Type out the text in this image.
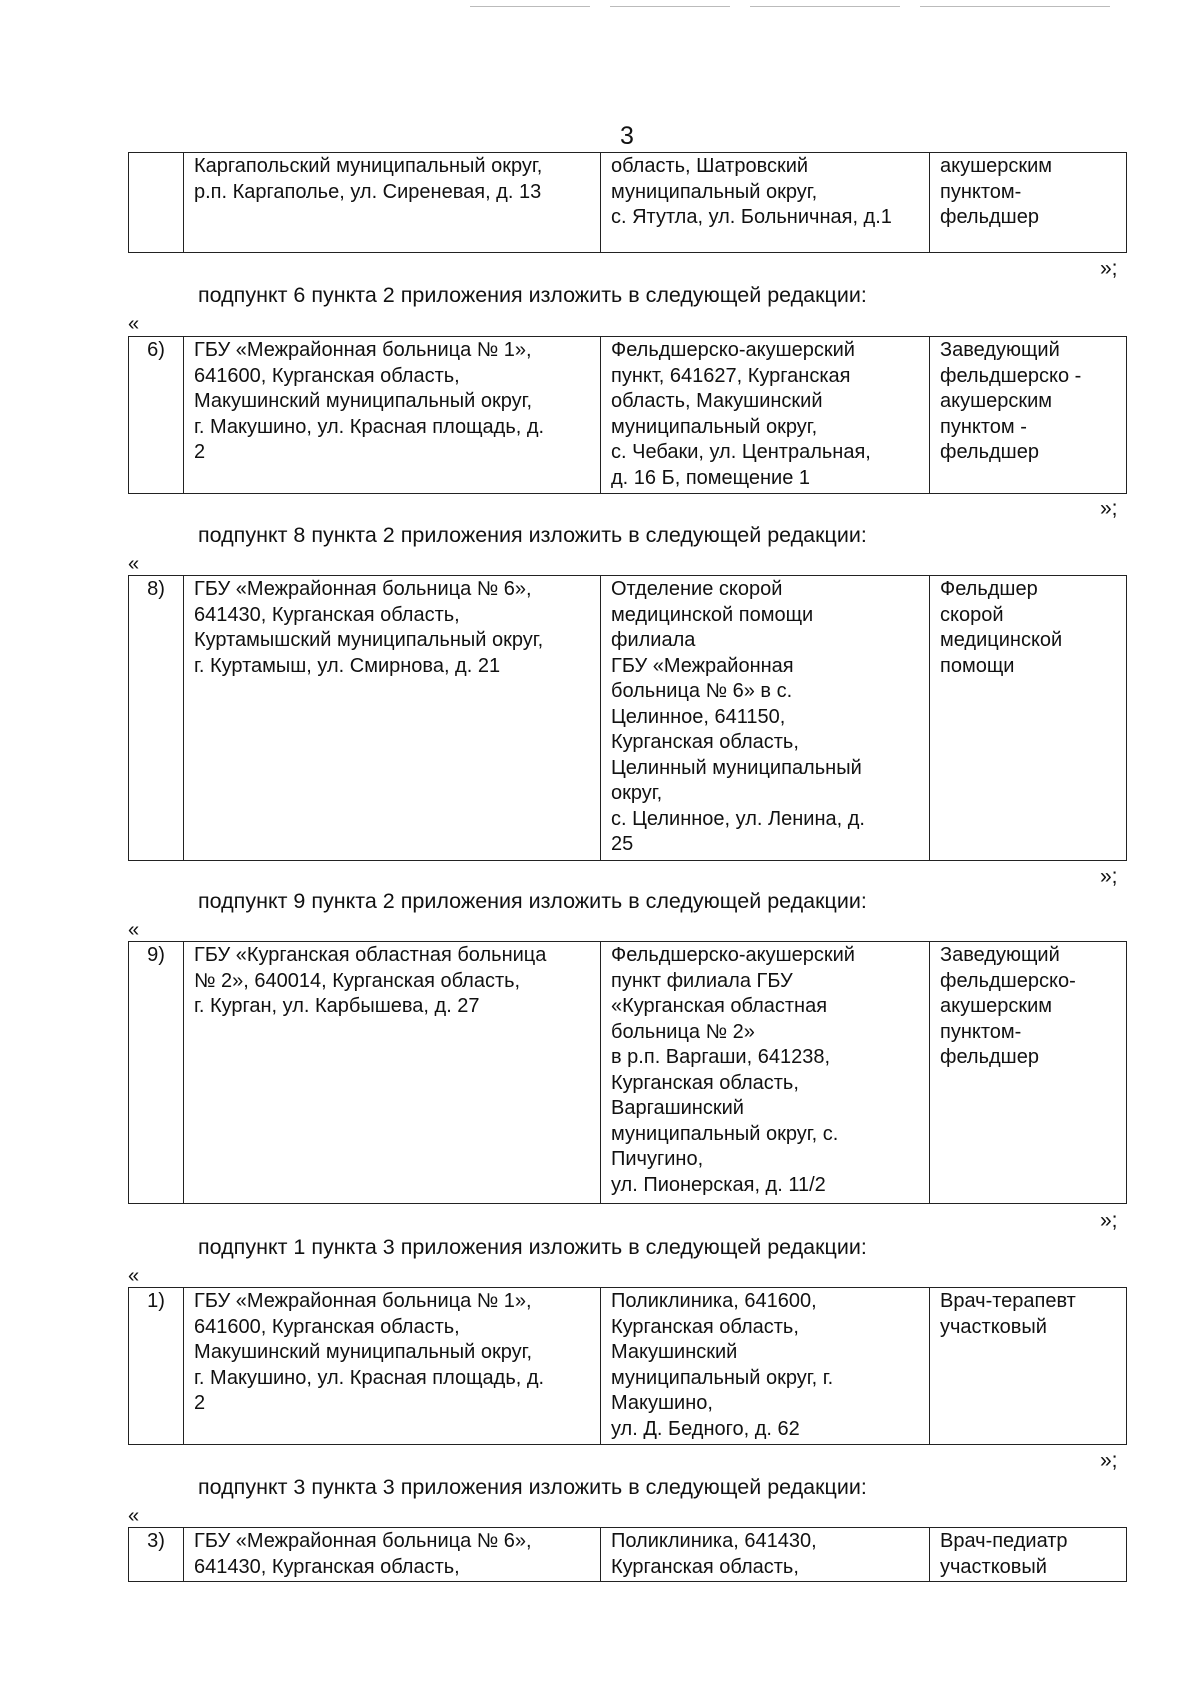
3
	Каргапольский муниципальный округ,
р.п. Каргаполье, ул. Сиреневая, д. 13	область, Шатровский
муниципальный округ,
с. Ятутла, ул. Больничная, д.1	акушерским
пунктом-
фельдшер
»;
подпункт 6 пункта 2 приложения изложить в следующей редакции:
«
6)	ГБУ «Межрайонная больница № 1»,
641600, Курганская область,
Макушинский муниципальный округ,
г. Макушино, ул. Красная площадь, д.
2	Фельдшерско-акушерский
пункт, 641627, Курганская
область, Макушинский
муниципальный округ,
с. Чебаки, ул. Центральная,
д. 16 Б, помещение 1	Заведующий
фельдшерско -
акушерским
пунктом -
фельдшер
»;
подпункт 8 пункта 2 приложения изложить в следующей редакции:
«
8)	ГБУ «Межрайонная больница № 6»,
641430, Курганская область,
Куртамышский муниципальный округ,
г. Куртамыш, ул. Смирнова, д. 21	Отделение скорой
медицинской помощи
филиала
ГБУ «Межрайонная
больница № 6» в с.
Целинное, 641150,
Курганская область,
Целинный муниципальный
округ,
с. Целинное, ул. Ленина, д.
25	Фельдшер
скорой
медицинской
помощи
»;
подпункт 9 пункта 2 приложения изложить в следующей редакции:
«
9)	ГБУ «Курганская областная больница
№ 2», 640014, Курганская область,
г. Курган, ул. Карбышева, д. 27	Фельдшерско-акушерский
пункт филиала ГБУ
«Курганская областная
больница № 2»
в р.п. Варгаши, 641238,
Курганская область,
Варгашинский
муниципальный округ, с.
Пичугино,
ул. Пионерская, д. 11/2	Заведующий
фельдшерско-
акушерским
пунктом-
фельдшер
»;
подпункт 1 пункта 3 приложения изложить в следующей редакции:
«
1)	ГБУ «Межрайонная больница № 1»,
641600, Курганская область,
Макушинский муниципальный округ,
г. Макушино, ул. Красная площадь, д.
2	Поликлиника, 641600,
Курганская область,
Макушинский
муниципальный округ, г.
Макушино,
ул. Д. Бедного, д. 62	Врач-терапевт
участковый
»;
подпункт 3 пункта 3 приложения изложить в следующей редакции:
«
3)	ГБУ «Межрайонная больница № 6»,
641430, Курганская область,	Поликлиника, 641430,
Курганская область,	Врач-педиатр
участковый
